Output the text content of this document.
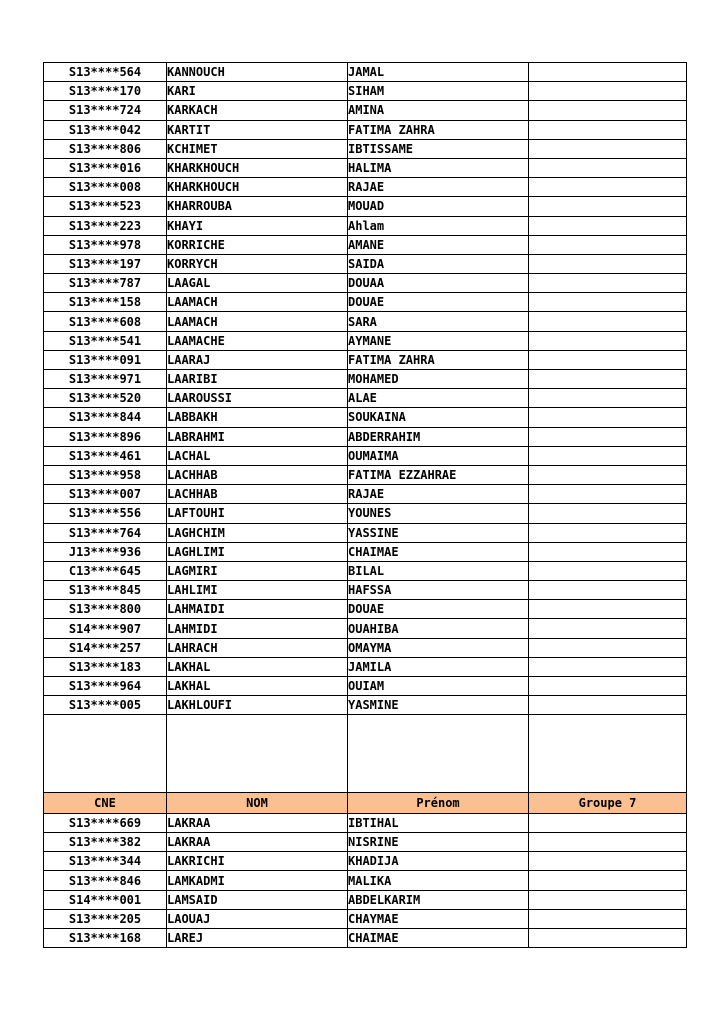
S13****564	KANNOUCH	JAMAL	
S13****170	KARI	SIHAM	
S13****724	KARKACH	AMINA	
S13****042	KARTIT	FATIMA ZAHRA	
S13****806	KCHIMET	IBTISSAME	
S13****016	KHARKHOUCH	HALIMA	
S13****008	KHARKHOUCH	RAJAE	
S13****523	KHARROUBA	MOUAD	
S13****223	KHAYI	Ahlam	
S13****978	KORRICHE	AMANE	
S13****197	KORRYCH	SAIDA	
S13****787	LAAGAL	DOUAA	
S13****158	LAAMACH	DOUAE	
S13****608	LAAMACH	SARA	
S13****541	LAAMACHE	AYMANE	
S13****091	LAARAJ	FATIMA ZAHRA	
S13****971	LAARIBI	MOHAMED	
S13****520	LAAROUSSI	ALAE	
S13****844	LABBAKH	SOUKAINA	
S13****896	LABRAHMI	ABDERRAHIM	
S13****461	LACHAL	OUMAIMA	
S13****958	LACHHAB	FATIMA EZZAHRAE	
S13****007	LACHHAB	RAJAE	
S13****556	LAFTOUHI	YOUNES	
S13****764	LAGHCHIM	YASSINE	
J13****936	LAGHLIMI	CHAIMAE	
C13****645	LAGMIRI	BILAL	
S13****845	LAHLIMI	HAFSSA	
S13****800	LAHMAIDI	DOUAE	
S14****907	LAHMIDI	OUAHIBA	
S14****257	LAHRACH	OMAYMA	
S13****183	LAKHAL	JAMILA	
S13****964	LAKHAL	OUIAM	
S13****005	LAKHLOUFI	YASMINE	

CNE	NOM	Prénom	Groupe 7
S13****669	LAKRAA	IBTIHAL	
S13****382	LAKRAA	NISRINE	
S13****344	LAKRICHI	KHADIJA	
S13****846	LAMKADMI	MALIKA	
S14****001	LAMSAID	ABDELKARIM	
S13****205	LAOUAJ	CHAYMAE	
S13****168	LAREJ	CHAIMAE	
